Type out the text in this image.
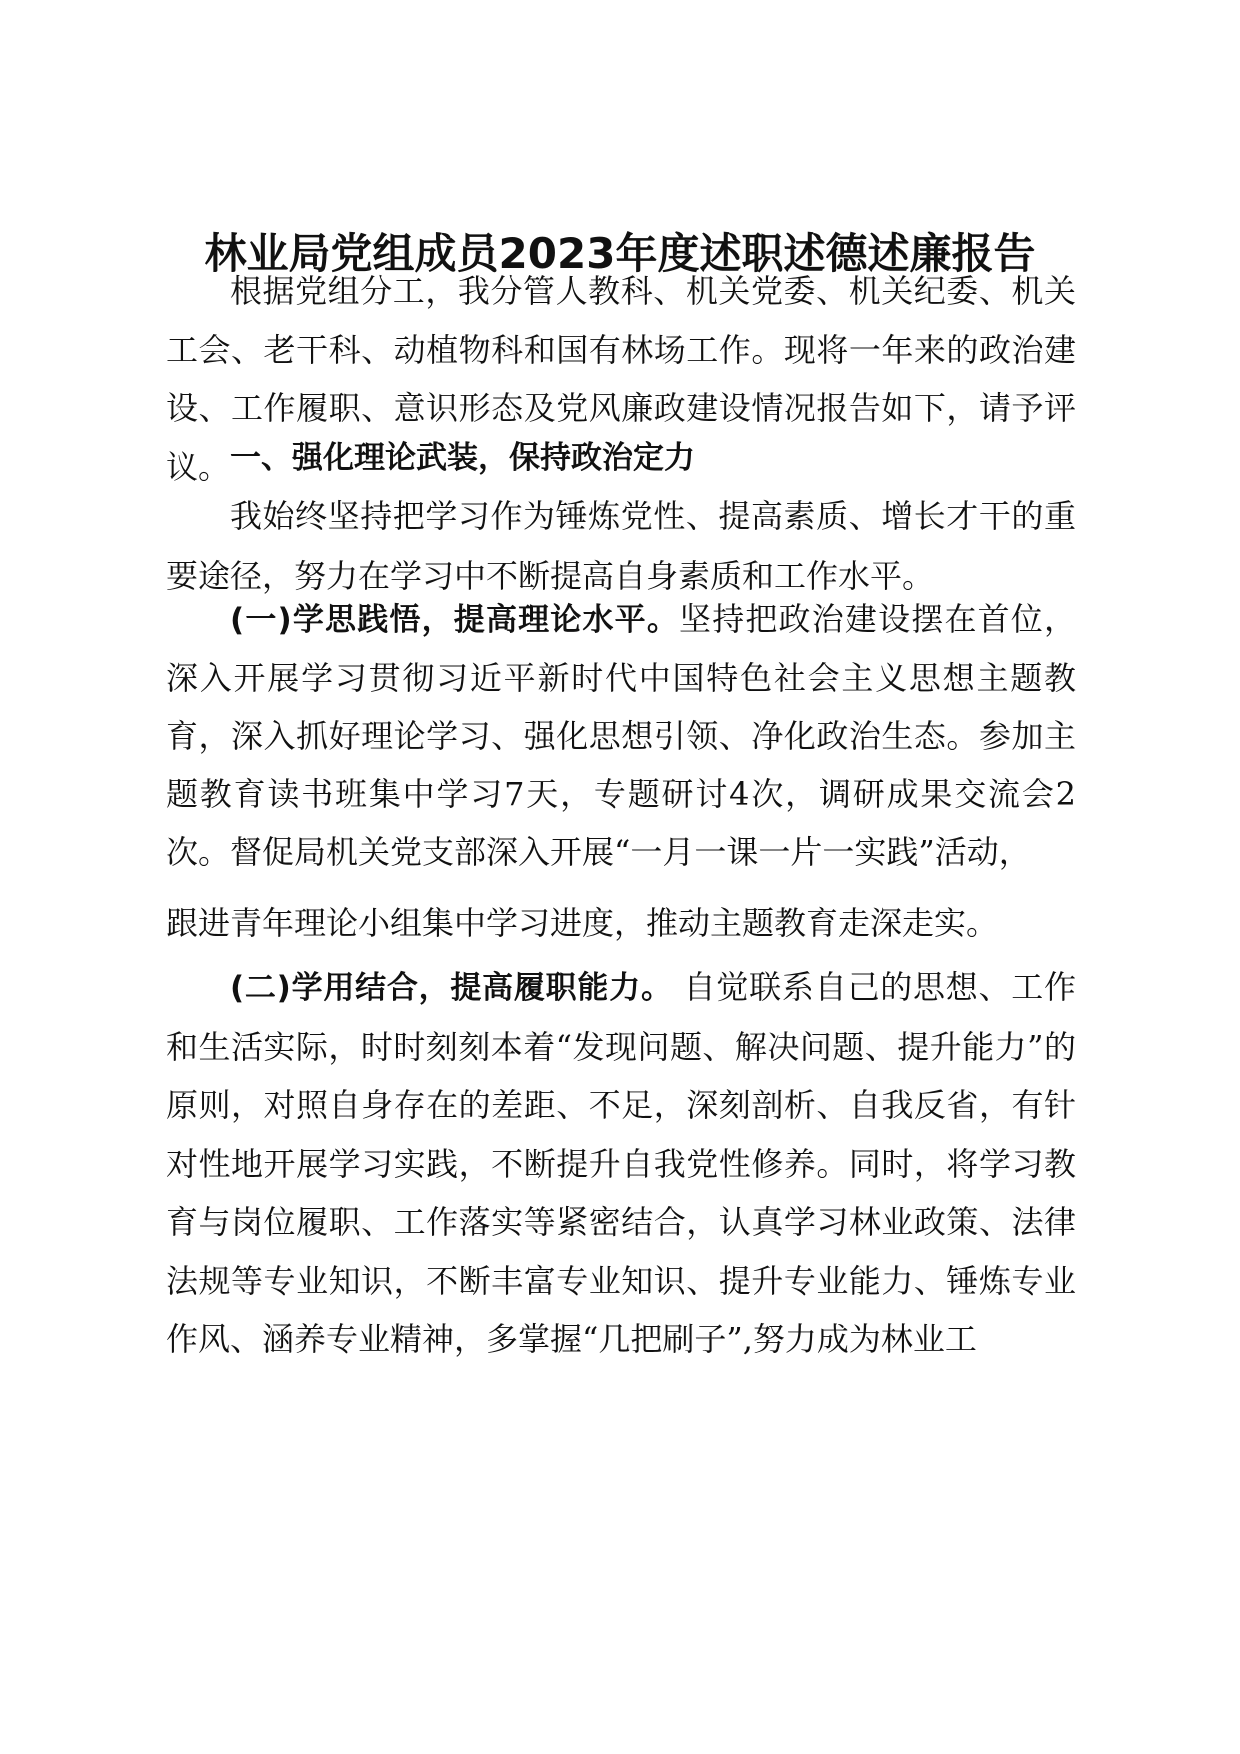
林业局党组成员2023年度述职述德述廉报告
根据党组分工，我分管人教科、机关党委、机关纪委、机关工会、老干科、动植物科和国有林场工作。现将一年来的政治建设、工作履职、意识形态及党风廉政建设情况报告如下，请予评议。 一、强化理论武装，保持政治定力
我始终坚持把学习作为锤炼党性、提高素质、增长才干的重要途径，努力在学习中不断提高自身素质和工作水平。
(一)学思践悟，提高理论水平。坚持把政治建设摆在首位，深入开展学习贯彻习近平新时代中国特色社会主义思想主题教育，深入抓好理论学习、强化思想引领、净化政治生态。参加主题教育读书班集中学习7天，专题研讨4次，调研成果交流会2 次。督促局机关党支部深入开展“一月一课一片一实践”活动，
跟进青年理论小组集中学习进度，推动主题教育走深走实。
(二)学用结合，提高履职能力。 自觉联系自己的思想、工作和生活实际，时时刻刻本着“发现问题、解决问题、提升能力”的原则，对照自身存在的差距、不足，深刻剖析、自我反省，有针对性地开展学习实践，不断提升自我党性修养。同时，将学习教育与岗位履职、工作落实等紧密结合，认真学习林业政策、法律法规等专业知识，不断丰富专业知识、提升专业能力、锤炼专业作风、涵养专业精神，多掌握“几把刷子”,努力成为林业工
